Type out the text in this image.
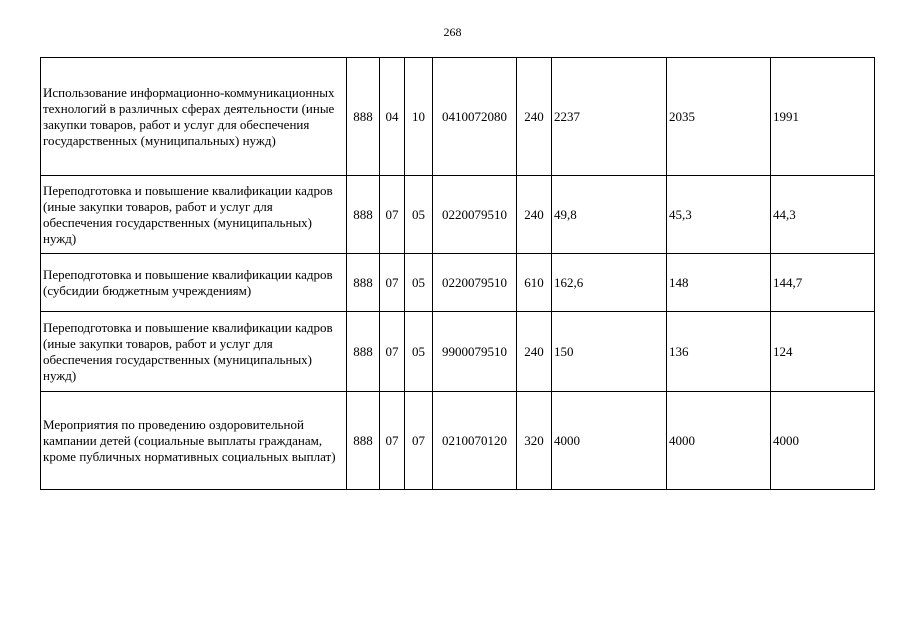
268
Использование информационно-коммуникационных технологий в различных сферах деятельности (иные закупки товаров, работ и услуг для обеспечения государственных (муниципальных) нужд)	888	04	10	0410072080	240	2237	2035	1991
Переподготовка и повышение квалификации кадров (иные закупки товаров, работ и услуг для обеспечения государственных (муниципальных) нужд)	888	07	05	0220079510	240	49,8	45,3	44,3
Переподготовка и повышение квалификации кадров (субсидии бюджетным учреждениям)	888	07	05	0220079510	610	162,6	148	144,7
Переподготовка и повышение квалификации кадров (иные закупки товаров, работ и услуг для обеспечения государственных (муниципальных) нужд)	888	07	05	9900079510	240	150	136	124
Мероприятия по проведению оздоровительной кампании детей (социальные выплаты гражданам, кроме публичных нормативных социальных выплат)	888	07	07	0210070120	320	4000	4000	4000
